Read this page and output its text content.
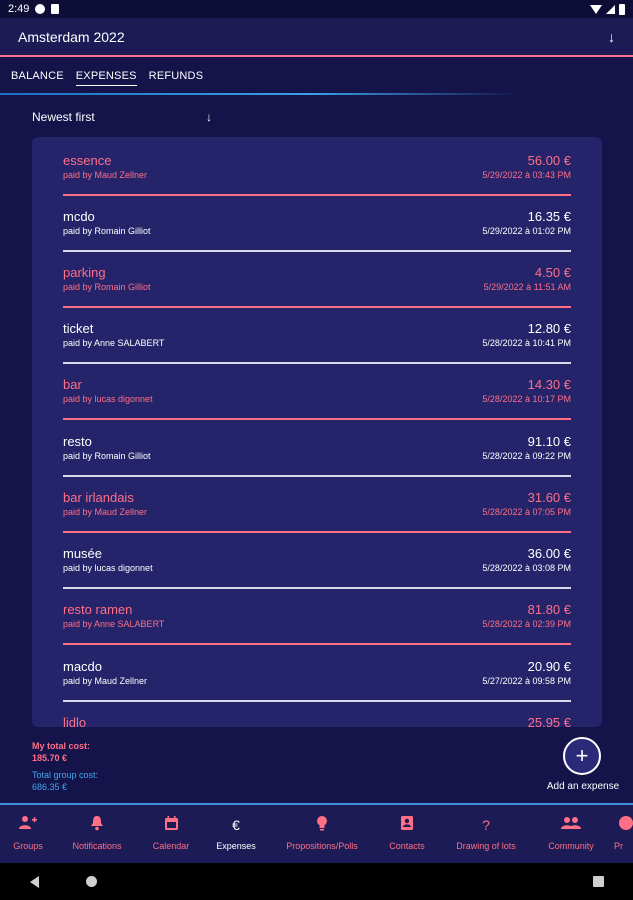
2:49
Amsterdam 2022	↓
BALANCE EXPENSES REFUNDS
Newest first	↓
essence
paid by Maud Zellner
56.00 €
5/29/2022 à 03:43 PM
mcdo
paid by Romain Gilliot
16.35 €
5/29/2022 à 01:02 PM
parking
paid by Romain Gilliot
4.50 €
5/29/2022 à 11:51 AM
ticket
paid by Anne SALABERT
12.80 €
5/28/2022 à 10:41 PM
bar
paid by lucas digonnet
14.30 €
5/28/2022 à 10:17 PM
resto
paid by Romain Gilliot
91.10 €
5/28/2022 à 09:22 PM
bar irlandais
paid by Maud Zellner
31.60 €
5/28/2022 à 07:05 PM
musée
paid by lucas digonnet
36.00 €
5/28/2022 à 03:08 PM
resto ramen
paid by Anne SALABERT
81.80 €
5/28/2022 à 02:39 PM
macdo
paid by Maud Zellner
20.90 €
5/27/2022 à 09:58 PM
lidlo	25.95 €
My total cost:
185.70 €
Total group cost:
686.35 €
+
Add an expense
Groups	Notifications	Calendar
€
Expenses	Propositions/Polls	Contacts
?
Drawing of lots	Community	Pr
